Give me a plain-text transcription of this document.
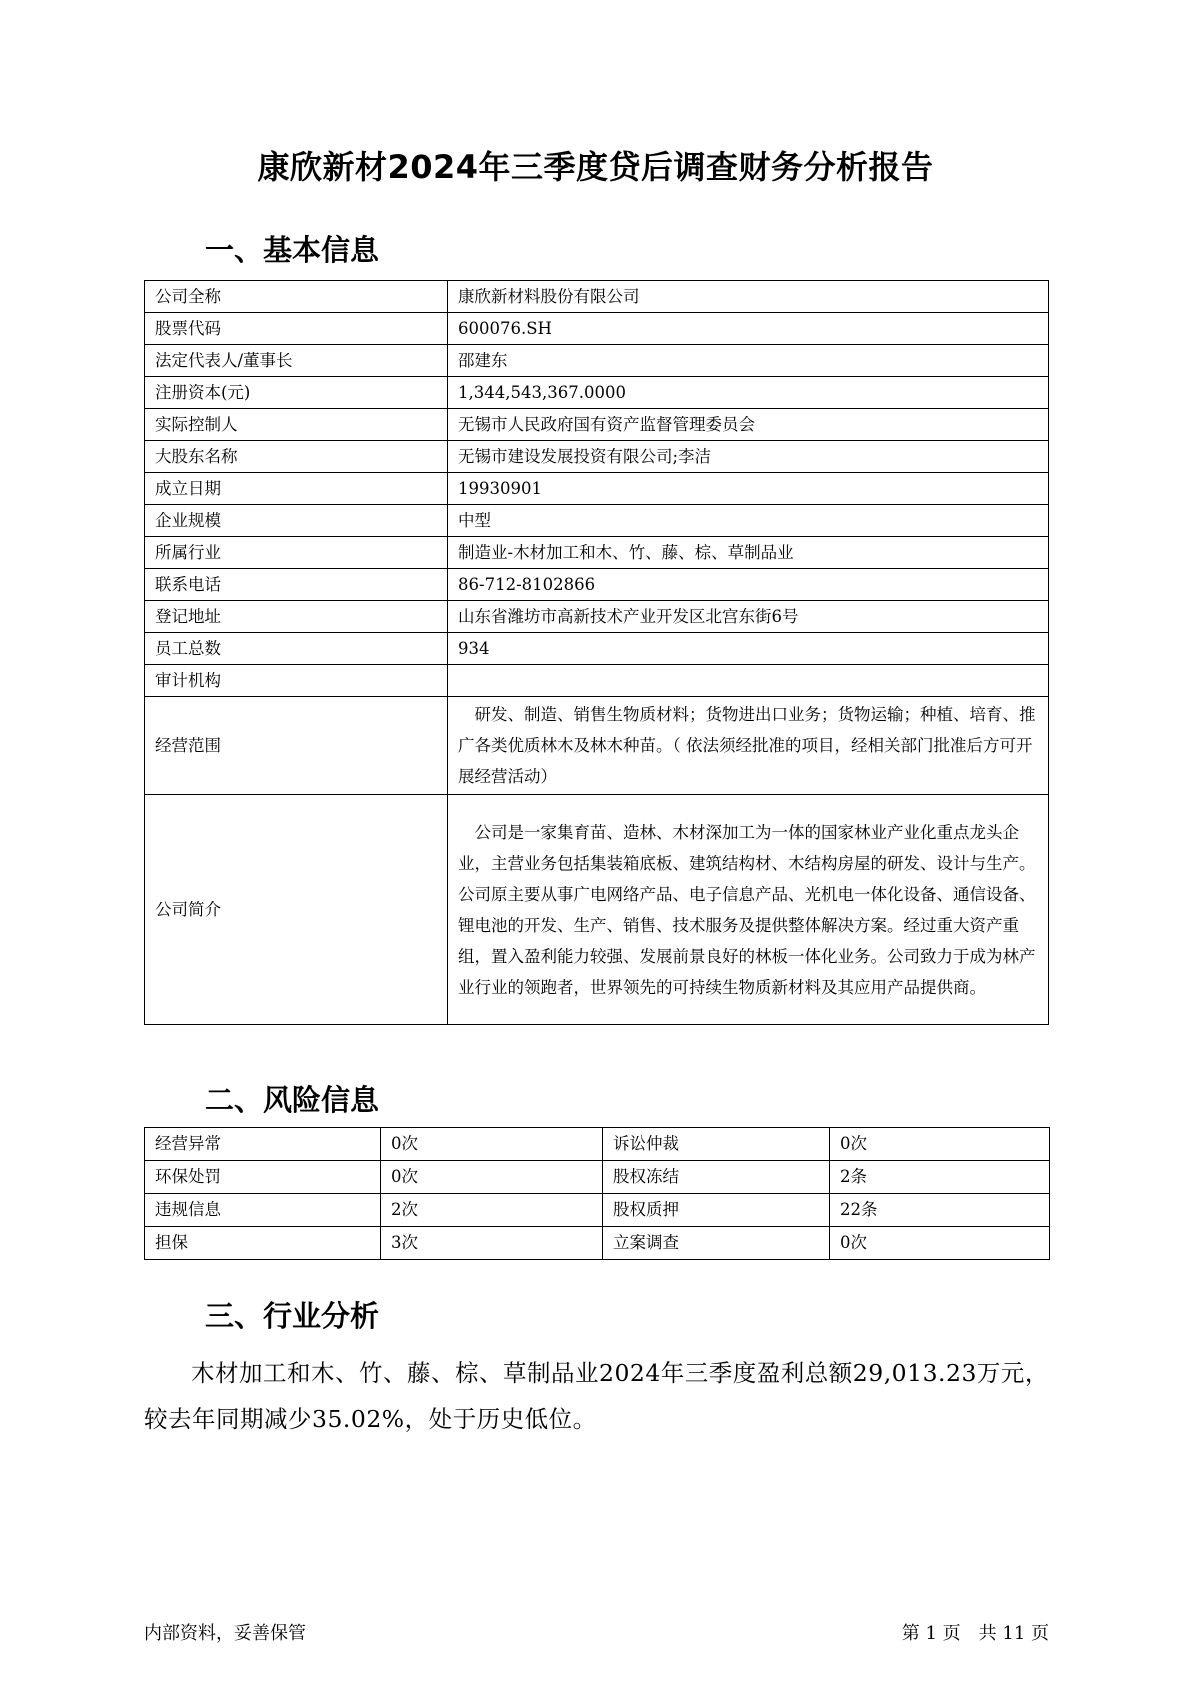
康欣新材2024年三季度贷后调查财务分析报告
一、基本信息
公司全称	康欣新材料股份有限公司
股票代码	600076.SH
法定代表人/董事长	邵建东
注册资本(元)	1,344,543,367.0000
实际控制人	无锡市人民政府国有资产监督管理委员会
大股东名称	无锡市建设发展投资有限公司;李洁
成立日期	19930901
企业规模	中型
所属行业	制造业-木材加工和木、竹、藤、棕、草制品业
联系电话	86-712-8102866
登记地址	山东省潍坊市高新技术产业开发区北宫东街6号
员工总数	934
审计机构	
经营范围	研发、制造、销售生物质材料；货物进出口业务；货物运输；种植、培育、推广各类优质林木及林木种苗。（ 依法须经批准的项目，经相关部门批准后方可开展经营活动）
公司简介	公司是一家集育苗、造林、木材深加工为一体的国家林业产业化重点龙头企业，主营业务包括集装箱底板、建筑结构材、木结构房屋的研发、设计与生产。公司原主要从事广电网络产品、电子信息产品、光机电一体化设备、通信设备、锂电池的开发、生产、销售、技术服务及提供整体解决方案。经过重大资产重组，置入盈利能力较强、发展前景良好的林板一体化业务。公司致力于成为林产业行业的领跑者，世界领先的可持续生物质新材料及其应用产品提供商。
二、风险信息
经营异常	0次	诉讼仲裁	0次
环保处罚	0次	股权冻结	2条
违规信息	2次	股权质押	22条
担保	3次	立案调查	0次
三、行业分析
木材加工和木、竹、藤、棕、草制品业2024年三季度盈利总额29,013.23万元，较去年同期减少35.02%，处于历史低位。
内部资料，妥善保管	第 1 页　共 11 页
